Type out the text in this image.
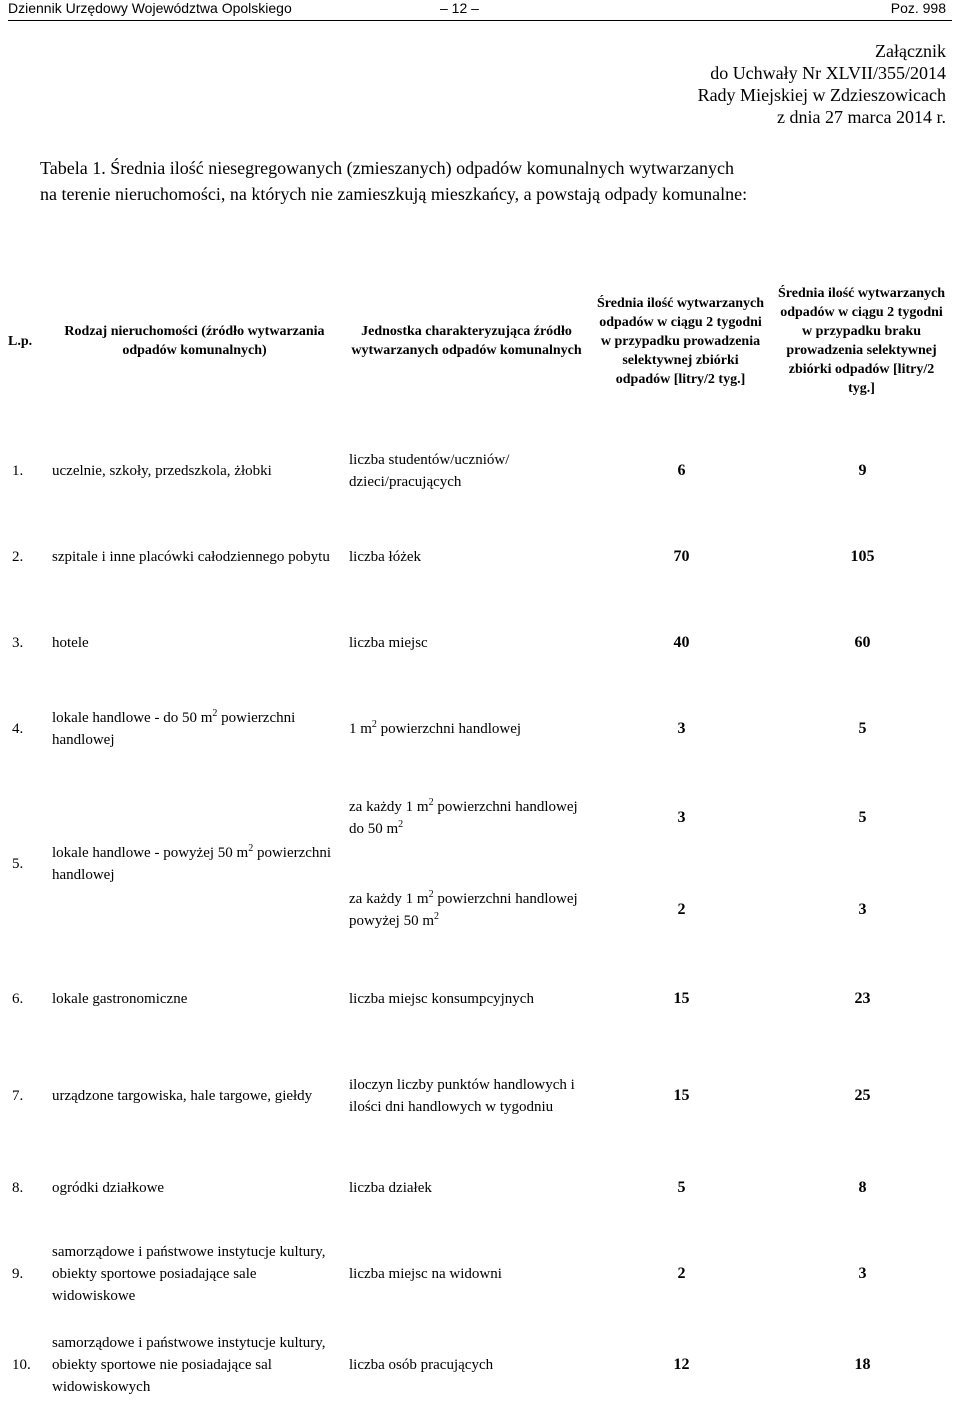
Dziennik Urzędowy Województwa Opolskiego	– 12 –	Poz. 998
Załącznik
do Uchwały Nr XLVII/355/2014
Rady Miejskiej w Zdzieszowicach
z dnia 27 marca 2014 r.
Tabela 1. Średnia ilość niesegregowanych (zmieszanych) odpadów komunalnych wytwarzanych
na terenie nieruchomości, na których nie zamieszkują mieszkańcy, a powstają odpady komunalne:
L.p.	Rodzaj nieruchomości (źródło wytwarzania odpadów komunalnych)	Jednostka charakteryzująca źródło wytwarzanych odpadów komunalnych	Średnia ilość wytwarzanych odpadów w ciągu 2 tygodni w przypadku prowadzenia selektywnej zbiórki odpadów [litry/2 tyg.]	Średnia ilość wytwarzanych odpadów w ciągu 2 tygodni w przypadku braku prowadzenia selektywnej zbiórki odpadów [litry/2 tyg.]
1.	uczelnie, szkoły, przedszkola, żłobki	liczba studentów/uczniów/ dzieci/pracujących	6	9
2.	szpitale i inne placówki całodziennego pobytu	liczba łóżek	70	105
3.	hotele	liczba miejsc	40	60
4.	lokale handlowe - do 50 $m^2$ powierzchni handlowej	1 $m^2$ powierzchni handlowej	3	5
5.	lokale handlowe - powyżej 50 $m^2$ powierzchni handlowej	za każdy 1 $m^2$ powierzchni handlowej do 50 $m^2$	3	5
		za każdy 1 $m^2$ powierzchni handlowej powyżej 50 $m^2$	2	3
6.	lokale gastronomiczne	liczba miejsc konsumpcyjnych	15	23
7.	urządzone targowiska, hale targowe, giełdy	iloczyn liczby punktów handlowych i ilości dni handlowych w tygodniu	15	25
8.	ogródki działkowe	liczba działek	5	8
9.	samorządowe i państwowe instytucje kultury, obiekty sportowe posiadające sale widowiskowe	liczba miejsc na widowni	2	3
10.	samorządowe i państwowe instytucje kultury, obiekty sportowe nie posiadające sal widowiskowych	liczba osób pracujących	12	18
